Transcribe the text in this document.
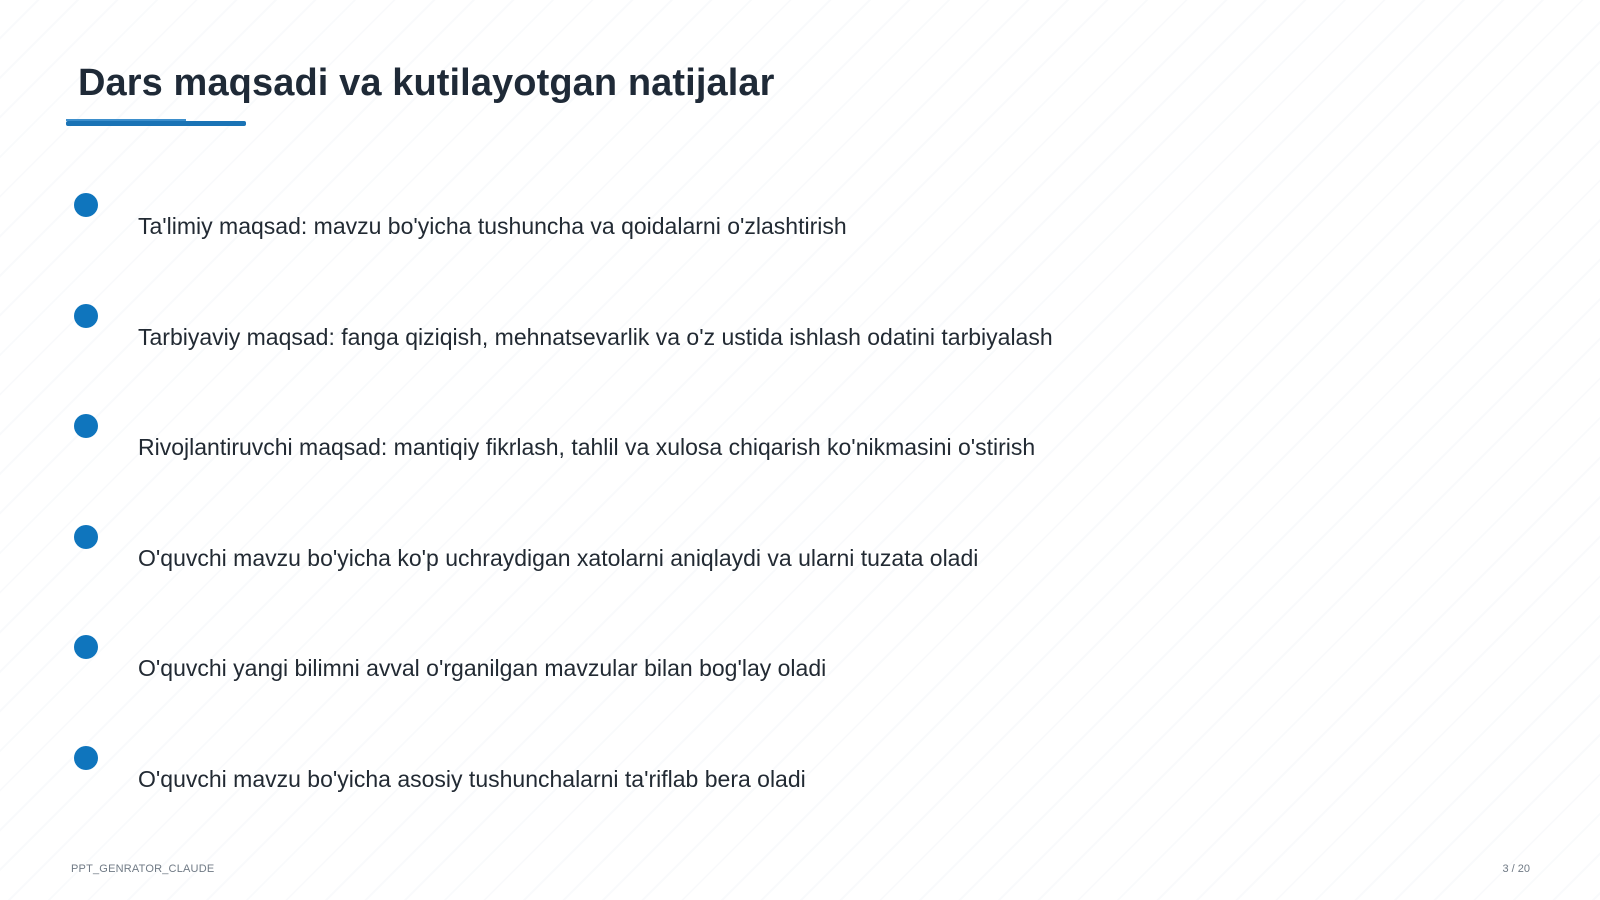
Dars maqsadi va kutilayotgan natijalar
Ta'limiy maqsad: mavzu bo'yicha tushuncha va qoidalarni o'zlashtirish
Tarbiyaviy maqsad: fanga qiziqish, mehnatsevarlik va o'z ustida ishlash odatini tarbiyalash
Rivojlantiruvchi maqsad: mantiqiy fikrlash, tahlil va xulosa chiqarish ko'nikmasini o'stirish
O'quvchi mavzu bo'yicha ko'p uchraydigan xatolarni aniqlaydi va ularni tuzata oladi
O'quvchi yangi bilimni avval o'rganilgan mavzular bilan bog'lay oladi
O'quvchi mavzu bo'yicha asosiy tushunchalarni ta'riflab bera oladi
PPT_GENRATOR_CLAUDE	3 / 20
